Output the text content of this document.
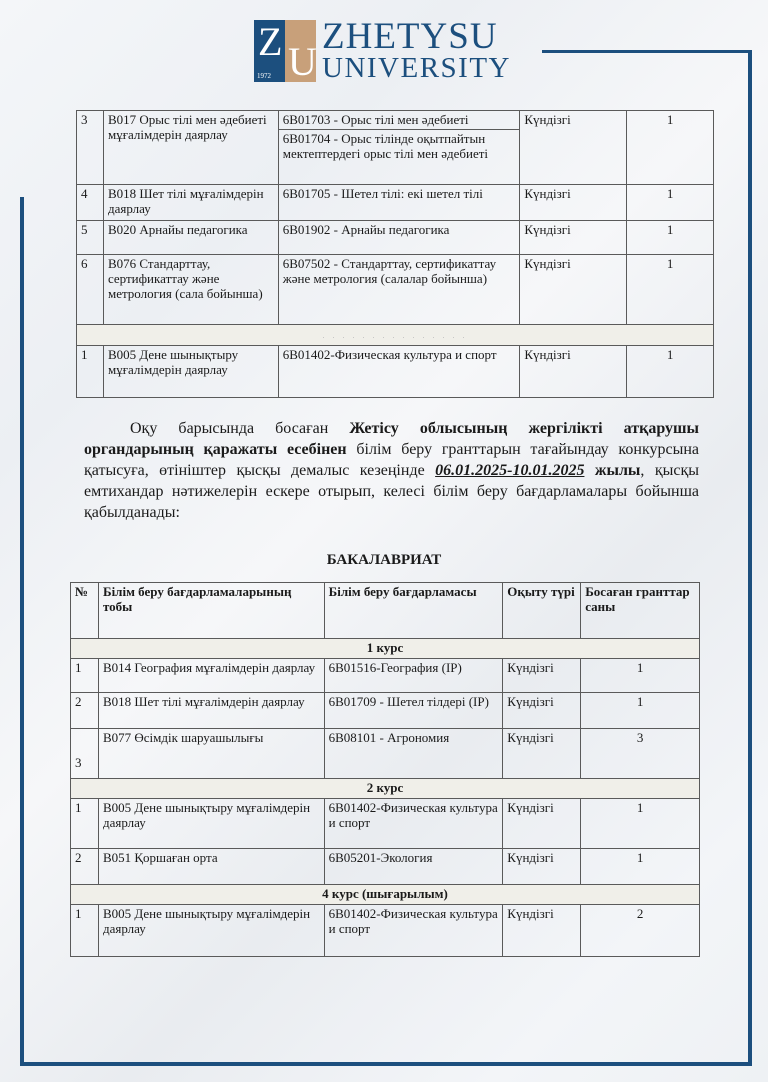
Z
1972 U
ZHETYSU
UNIVERSITY
3	B017 Орыс тілі мен әдебиеті мұғалімдерін даярлау	6B01703 - Орыс тілі мен әдебиеті	Күндізгі	1
		6B01704 - Орыс тілінде оқытпайтын мектептердегі орыс тілі мен әдебиеті		
4	B018 Шет тілі мұғалімдерін даярлау	6B01705 - Шетел тілі: екі шетел тілі	Күндізгі	1
5	B020 Арнайы педагогика	6B01902 - Арнайы педагогика	Күндізгі	1
6	B076 Стандарттау, сертификаттау және метрология (сала бойынша)	6B07502 - Стандарттау, сертификаттау және метрология (салалар бойынша)	Күндізгі	1
. . . . . . . . . . . . . . .				
1	B005 Дене шынықтыру мұғалімдерін даярлау	6B01402-Физическая культура и спорт	Күндізгі	1
Оқу барысында босаған Жетісу облысының жергілікті атқарушы органдарының қаражаты есебінен білім беру гранттарын тағайындау конкурсына қатысуға, өтініштер қысқы демалыс кезеңінде 06.01.2025-10.01.2025 жылы, қысқы емтихандар нәтижелерін ескере отырып, келесі білім беру бағдарламалары бойынша қабылданады:
БАКАЛАВРИАТ
№	Білім беру бағдарламаларының тобы	Білім беру бағдарламасы	Оқыту түрі	Босаған гранттар саны
1 курс				
1	B014 География мұғалімдерін даярлау	6B01516-География (IP)	Күндізгі	1
2	B018 Шет тілі мұғалімдерін даярлау	6B01709 - Шетел тілдері (IP)	Күндізгі	1
3	B077 Өсімдік шаруашылығы	6B08101 - Агрономия	Күндізгі	3
2 курс				
1	B005 Дене шынықтыру мұғалімдерін даярлау	6B01402-Физическая культура и спорт	Күндізгі	1
2	B051 Қоршаған орта	6B05201-Экология	Күндізгі	1
4 курс (шығарылым)				
1	B005 Дене шынықтыру мұғалімдерін даярлау	6B01402-Физическая культура и спорт	Күндізгі	2
